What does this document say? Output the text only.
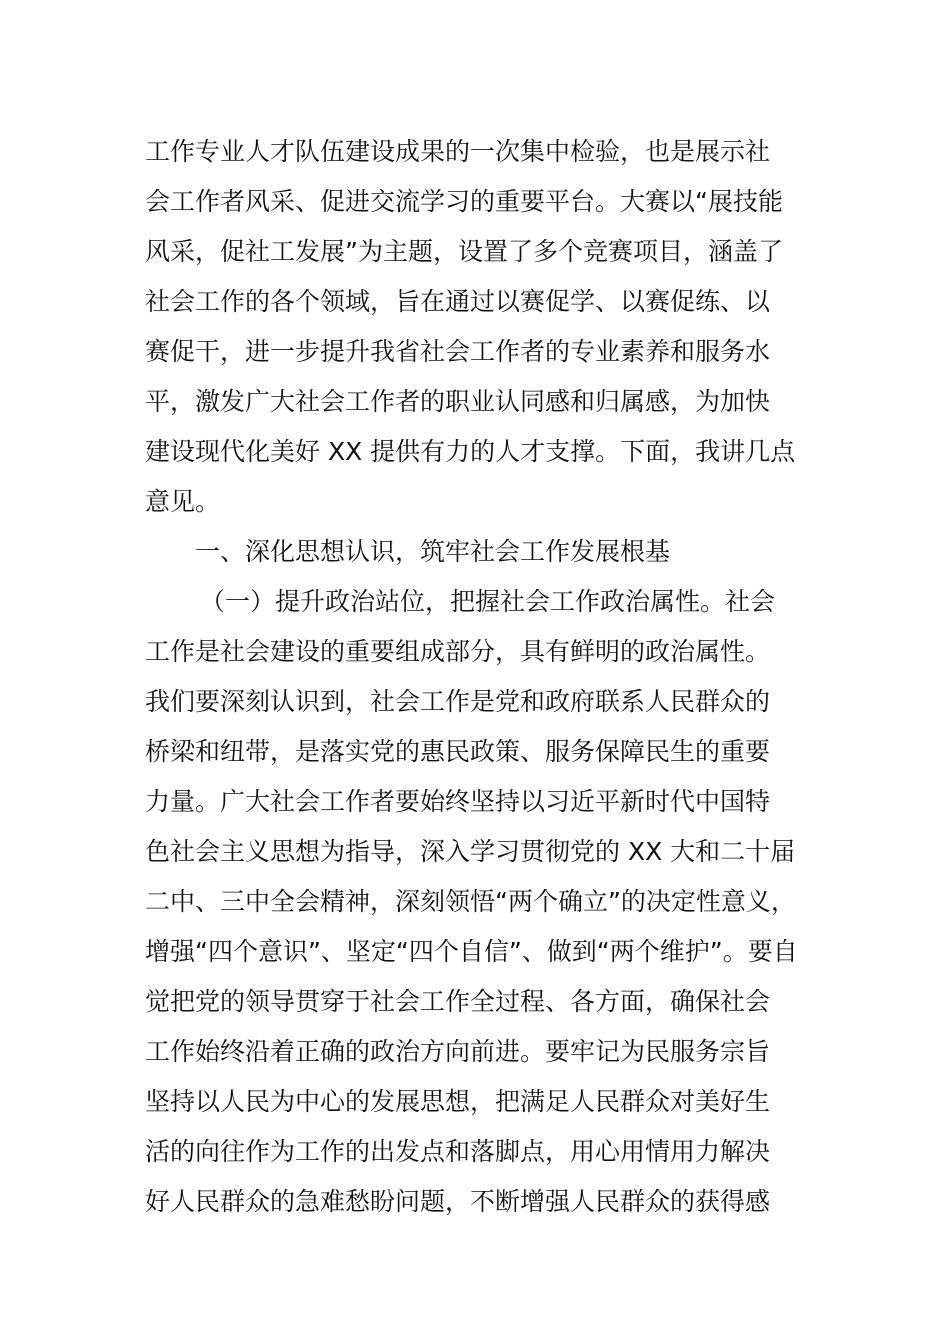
工作专业人才队伍建设成果的一次集中检验，也是展示社
会工作者风采、促进交流学习的重要平台。大赛以“展技能
风采，促社工发展”为主题，设置了多个竞赛项目，涵盖了
社会工作的各个领域，旨在通过以赛促学、以赛促练、以
赛促干，进一步提升我省社会工作者的专业素养和服务水
平，激发广大社会工作者的职业认同感和归属感，为加快
建设现代化美好 XX 提供有力的人才支撑。下面，我讲几点
意见。
一、深化思想认识，筑牢社会工作发展根基
（一）提升政治站位，把握社会工作政治属性。社会
工作是社会建设的重要组成部分，具有鲜明的政治属性。
我们要深刻认识到，社会工作是党和政府联系人民群众的
桥梁和纽带，是落实党的惠民政策、服务保障民生的重要
力量。广大社会工作者要始终坚持以习近平新时代中国特
色社会主义思想为指导，深入学习贯彻党的 XX 大和二十届
二中、三中全会精神，深刻领悟“两个确立”的决定性意义，
增强“四个意识”、坚定“四个自信”、做到“两个维护”。要自
觉把党的领导贯穿于社会工作全过程、各方面，确保社会
工作始终沿着正确的政治方向前进。要牢记为民服务宗旨
坚持以人民为中心的发展思想，把满足人民群众对美好生
活的向往作为工作的出发点和落脚点，用心用情用力解决
好人民群众的急难愁盼问题，不断增强人民群众的获得感
